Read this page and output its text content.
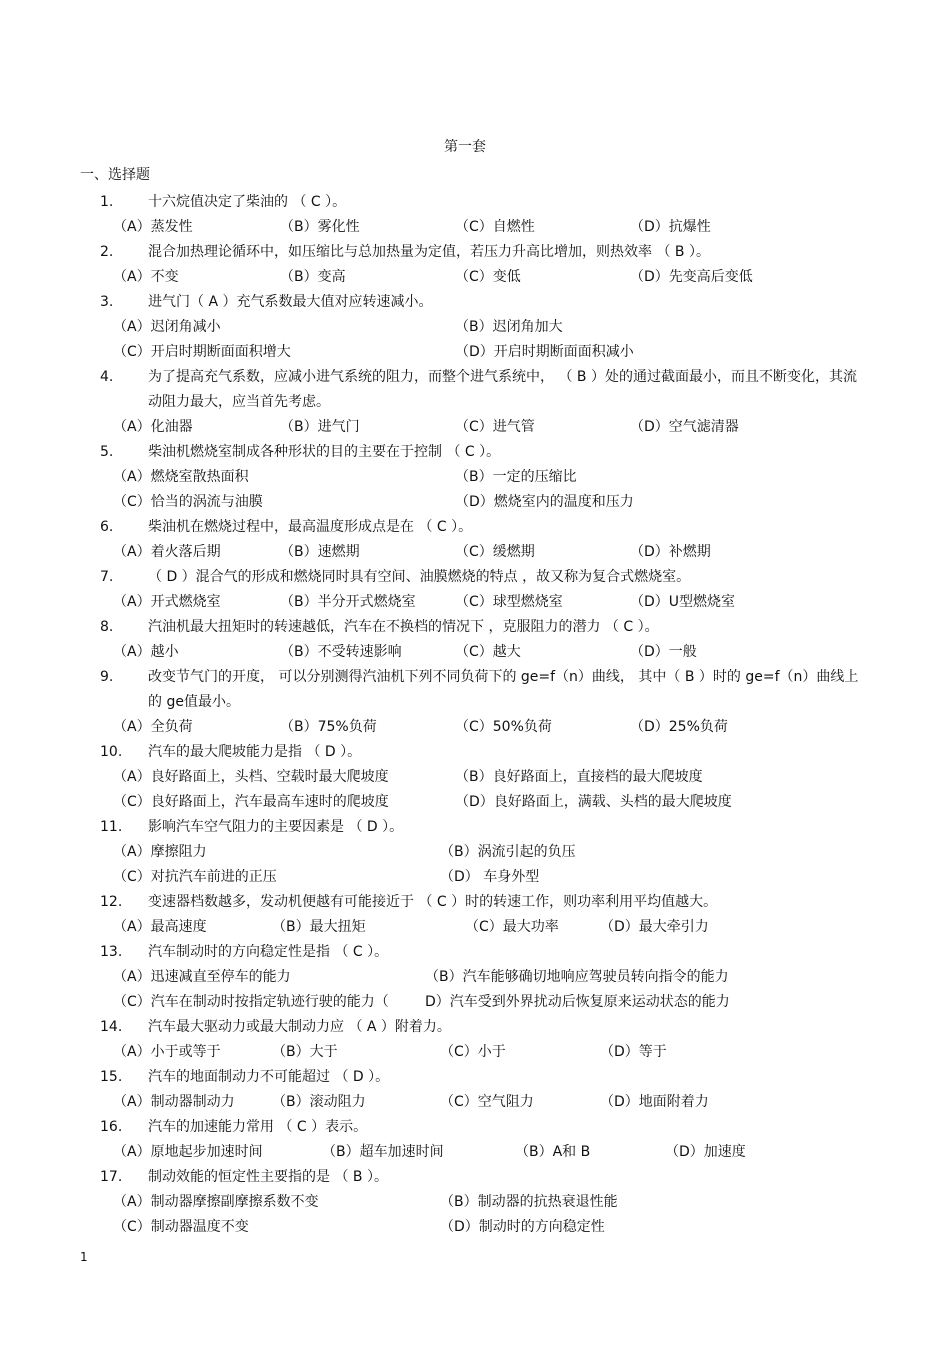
第一套
一、选择题
1. 十六烷值决定了柴油的 （ C ）。
（A）蒸发性	（B）雾化性	（C）自燃性	（D）抗爆性
2. 混合加热理论循环中，如压缩比与总加热量为定值，若压力升高比增加，则热效率 （ B ）。
（A）不变	（B）变高	（C）变低	（D）先变高后变低
3. 进气门（ A ）充气系数最大值对应转速减小。
（A）迟闭角减小	（B）迟闭角加大
（C）开启时期断面面积增大	（D）开启时期断面面积减小
4. 为了提高充气系数，应减小进气系统的阻力，而整个进气系统中， （ B ）处的通过截面最小，而且不断变化，其流动阻力最大，应当首先考虑。
（A）化油器	（B）进气门	（C）进气管	（D）空气滤清器
5. 柴油机燃烧室制成各种形状的目的主要在于控制 （ C ）。
（A）燃烧室散热面积	（B）一定的压缩比
（C）恰当的涡流与油膜	（D）燃烧室内的温度和压力
6. 柴油机在燃烧过程中，最高温度形成点是在 （ C ）。
（A）着火落后期	（B）速燃期	（C）缓燃期	（D）补燃期
7. （ D ）混合气的形成和燃烧同时具有空间、油膜燃烧的特点 ，故又称为复合式燃烧室。
（A）开式燃烧室	（B）半分开式燃烧室	（C）球型燃烧室	（D）U型燃烧室
8. 汽油机最大扭矩时的转速越低，汽车在不换档的情况下 ，克服阻力的潜力 （ C ）。
（A）越小	（B）不受转速影响	（C）越大	（D）一般
9. 改变节气门的开度， 可以分别测得汽油机下列不同负荷下的 ge=f（n）曲线， 其中（ B ）时的 ge=f（n）曲线上的 ge值最小。
（A）全负荷	（B）75%负荷	（C）50%负荷	（D）25%负荷
10. 汽车的最大爬坡能力是指 （ D ）。
（A）良好路面上，头档、空载时最大爬坡度	（B）良好路面上，直接档的最大爬坡度
（C）良好路面上，汽车最高车速时的爬坡度	（D）良好路面上，满载、头档的最大爬坡度
11. 影响汽车空气阻力的主要因素是 （ D ）。
（A）摩擦阻力	（B）涡流引起的负压
（C）对抗汽车前进的正压	（D） 车身外型
12. 变速器档数越多，发动机便越有可能接近于 （ C ）时的转速工作，则功率利用平均值越大。
（A）最高速度	（B）最大扭矩	（C）最大功率	（D）最大牵引力
13. 汽车制动时的方向稳定性是指 （ C ）。
（A）迅速减直至停车的能力	（B）汽车能够确切地响应驾驶员转向指令的能力
（C）汽车在制动时按指定轨迹行驶的能力（	D）汽车受到外界扰动后恢复原来运动状态的能力
14. 汽车最大驱动力或最大制动力应 （ A ）附着力。
（A）小于或等于	（B）大于	（C）小于	（D）等于
15. 汽车的地面制动力不可能超过 （ D ）。
（A）制动器制动力	（B）滚动阻力	（C）空气阻力	（D）地面附着力
16. 汽车的加速能力常用 （ C ）表示。
（A）原地起步加速时间	（B）超车加速时间	（B）A和 B	（D）加速度
17. 制动效能的恒定性主要指的是 （ B ）。
（A）制动器摩擦副摩擦系数不变	（B）制动器的抗热衰退性能
（C）制动器温度不变	（D）制动时的方向稳定性
1
